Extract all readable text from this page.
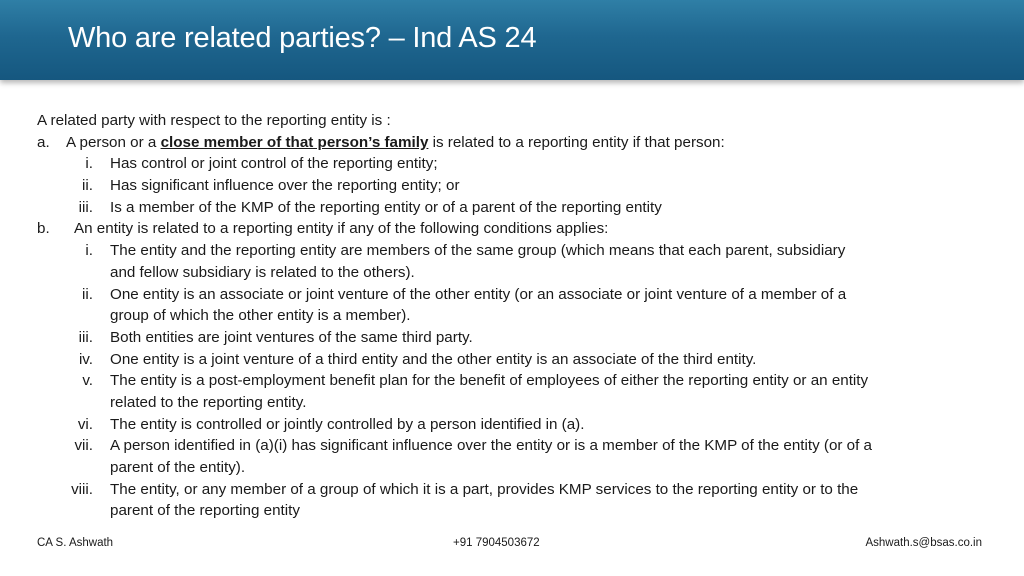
Who are related parties? – Ind AS 24
A related party with respect to the reporting entity is :
a. A person or a close member of that person’s family is related to a reporting entity if that person:
i. Has control or joint control of the reporting entity;
ii. Has significant influence over the reporting entity; or
iii. Is a member of the KMP of the reporting entity or of a parent of the reporting entity
b. An entity is related to a reporting entity if any of the following conditions applies:
i. The entity and the reporting entity are members of the same group (which means that each parent, subsidiary
and fellow subsidiary is related to the others).
ii. One entity is an associate or joint venture of the other entity (or an associate or joint venture of a member of a
group of which the other entity is a member).
iii. Both entities are joint ventures of the same third party.
iv. One entity is a joint venture of a third entity and the other entity is an associate of the third entity.
v. The entity is a post-employment benefit plan for the benefit of employees of either the reporting entity or an entity
related to the reporting entity.
vi. The entity is controlled or jointly controlled by a person identified in (a).
vii. A person identified in (a)(i) has significant influence over the entity or is a member of the KMP of the entity (or of a
parent of the entity).
viii. The entity, or any member of a group of which it is a part, provides KMP services to the reporting entity or to the
parent of the reporting entity
CA S. Ashwath	+91 7904503672	Ashwath.s@bsas.co.in
